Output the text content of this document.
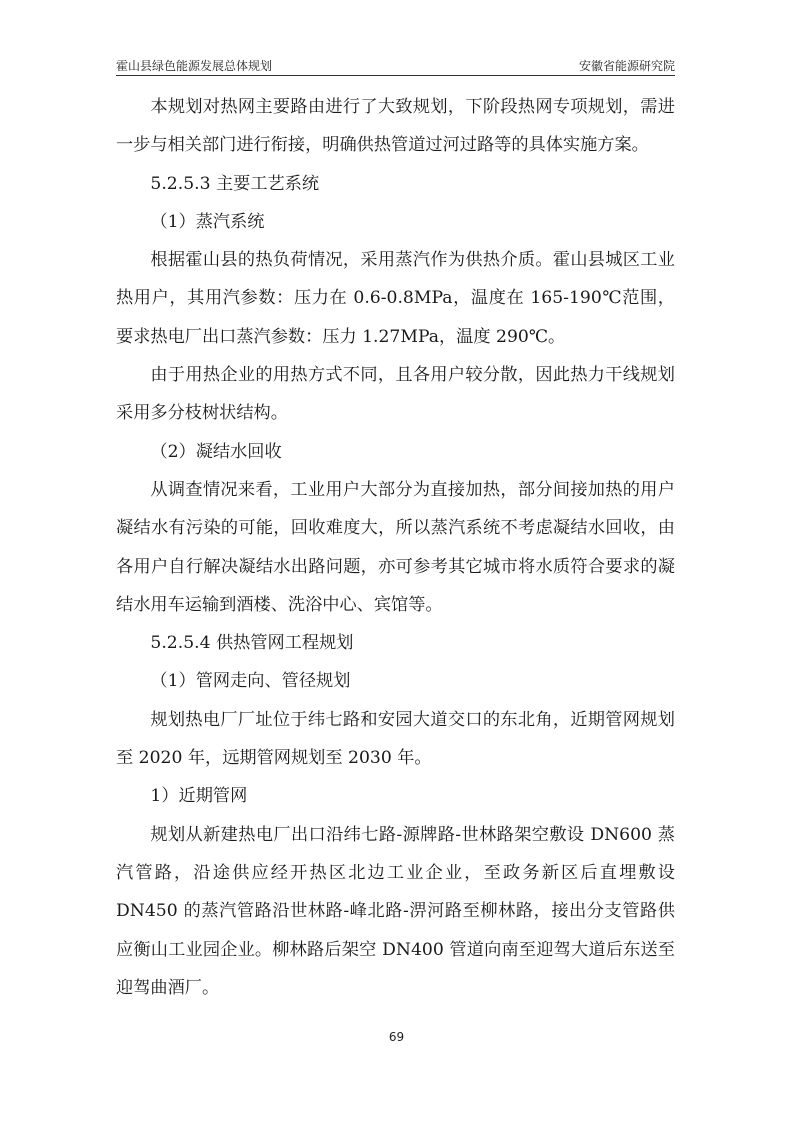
霍山县绿色能源发展总体规划	安徽省能源研究院

本规划对热网主要路由进行了大致规划，下阶段热网专项规划，需进一步与相关部门进行衔接，明确供热管道过河过路等的具体实施方案。

5.2.5.3 主要工艺系统

（1）蒸汽系统

根据霍山县的热负荷情况，采用蒸汽作为供热介质。霍山县城区工业热用户，其用汽参数：压力在 0.6-0.8MPa，温度在 165-190℃范围，要求热电厂出口蒸汽参数：压力 1.27MPa，温度 290℃。

由于用热企业的用热方式不同，且各用户较分散，因此热力干线规划采用多分枝树状结构。

（2）凝结水回收

从调查情况来看，工业用户大部分为直接加热，部分间接加热的用户凝结水有污染的可能，回收难度大，所以蒸汽系统不考虑凝结水回收，由各用户自行解决凝结水出路问题，亦可参考其它城市将水质符合要求的凝结水用车运输到酒楼、洗浴中心、宾馆等。

5.2.5.4 供热管网工程规划

（1）管网走向、管径规划

规划热电厂厂址位于纬七路和安园大道交口的东北角，近期管网规划至 2020 年，远期管网规划至 2030 年。

1）近期管网

规划从新建热电厂出口沿纬七路-源牌路-世林路架空敷设 DN600 蒸汽管路，沿途供应经开热区北边工业企业，至政务新区后直埋敷设 DN450 的蒸汽管路沿世林路-峰北路-淠河路至柳林路，接出分支管路供应衡山工业园企业。柳林路后架空 DN400 管道向南至迎驾大道后东送至迎驾曲酒厂。

69
